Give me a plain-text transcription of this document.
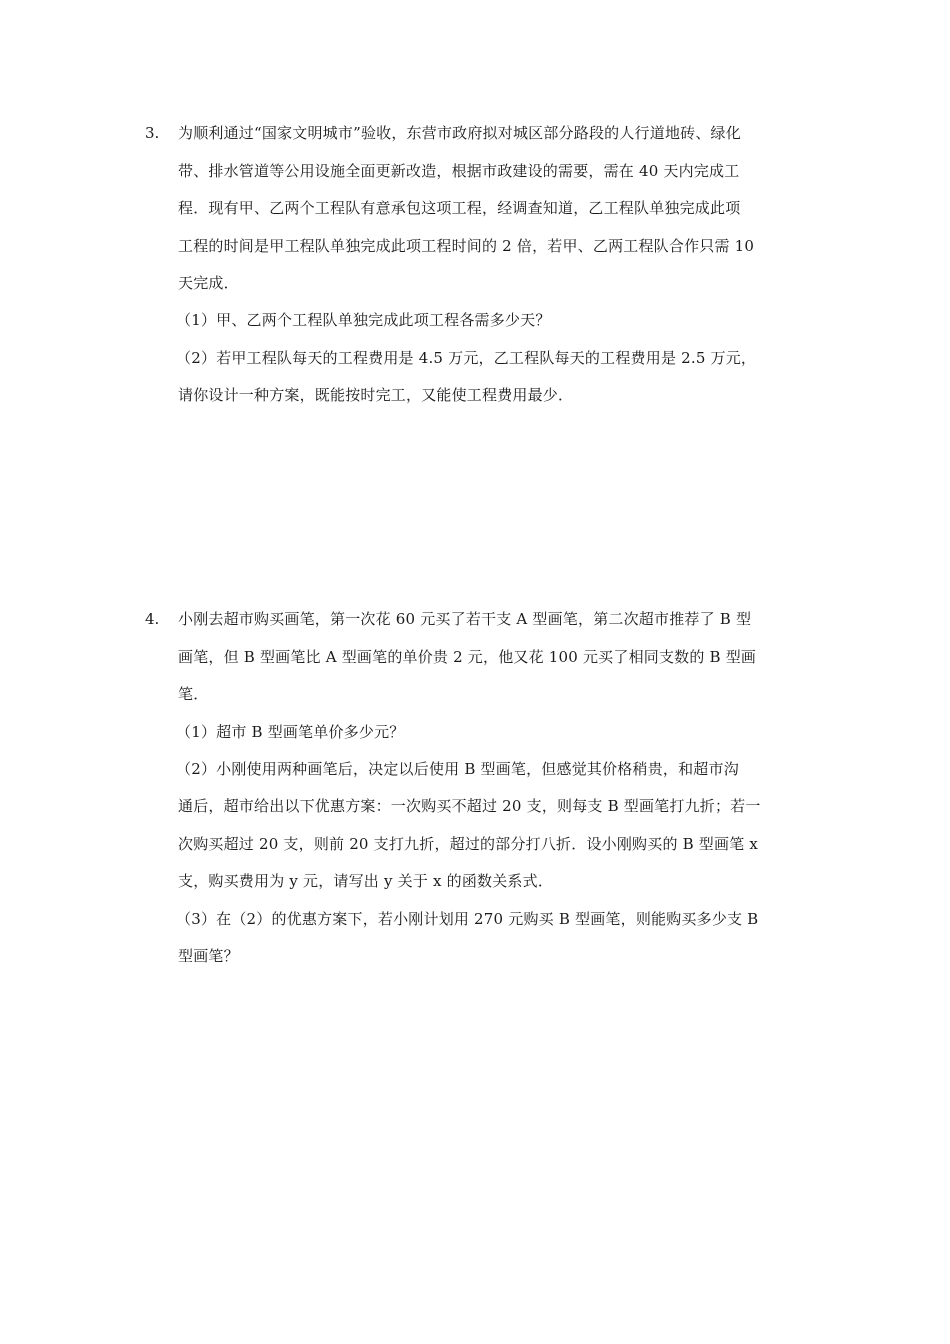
3. 为顺利通过“国家文明城市”验收，东营市政府拟对城区部分路段的人行道地砖、绿化
带、排水管道等公用设施全面更新改造，根据市政建设的需要，需在 40 天内完成工
程．现有甲、乙两个工程队有意承包这项工程，经调查知道，乙工程队单独完成此项
工程的时间是甲工程队单独完成此项工程时间的 2 倍，若甲、乙两工程队合作只需 10
天完成．
（1）甲、乙两个工程队单独完成此项工程各需多少天？
（2）若甲工程队每天的工程费用是 4.5 万元，乙工程队每天的工程费用是 2.5 万元，
请你设计一种方案，既能按时完工，又能使工程费用最少．
4. 小刚去超市购买画笔，第一次花 60 元买了若干支 A 型画笔，第二次超市推荐了 B 型
画笔，但 B 型画笔比 A 型画笔的单价贵 2 元，他又花 100 元买了相同支数的 B 型画
笔．
（1）超市 B 型画笔单价多少元？
（2）小刚使用两种画笔后，决定以后使用 B 型画笔，但感觉其价格稍贵，和超市沟
通后，超市给出以下优惠方案：一次购买不超过 20 支，则每支 B 型画笔打九折；若一
次购买超过 20 支，则前 20 支打九折，超过的部分打八折．设小刚购买的 B 型画笔 x
支，购买费用为 y 元，请写出 y 关于 x 的函数关系式．
（3）在（2）的优惠方案下，若小刚计划用 270 元购买 B 型画笔，则能购买多少支 B
型画笔？
